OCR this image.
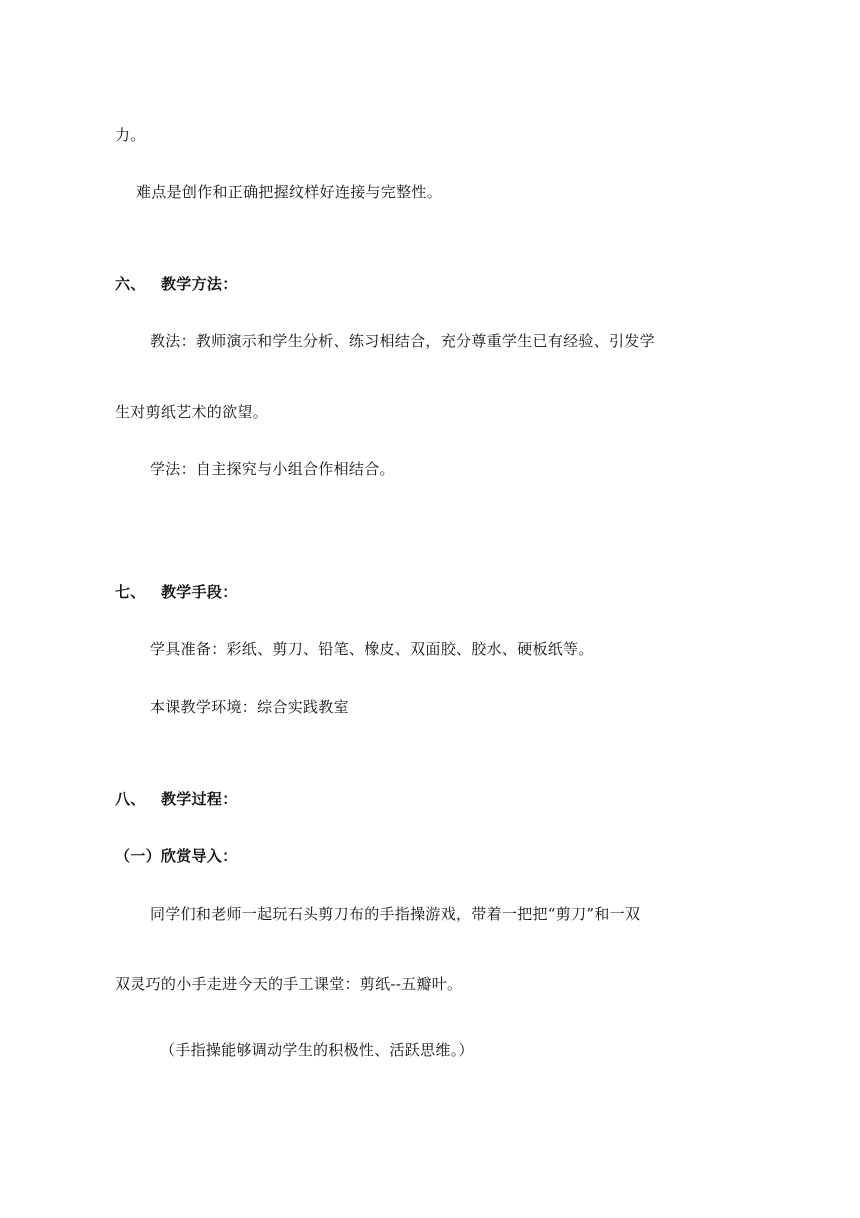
力。
难点是创作和正确把握纹样好连接与完整性。
六、 教学方法：
教法：教师演示和学生分析、练习相结合，充分尊重学生已有经验、引发学
生对剪纸艺术的欲望。
学法：自主探究与小组合作相结合。
七、 教学手段：
学具准备：彩纸、剪刀、铅笔、橡皮、双面胶、胶水、硬板纸等。
本课教学环境：综合实践教室
八、 教学过程：
（一）欣赏导入：
同学们和老师一起玩石头剪刀布的手指操游戏，带着一把把“剪刀”和一双
双灵巧的小手走进今天的手工课堂：剪纸--五瓣叶。
（手指操能够调动学生的积极性、活跃思维。）
